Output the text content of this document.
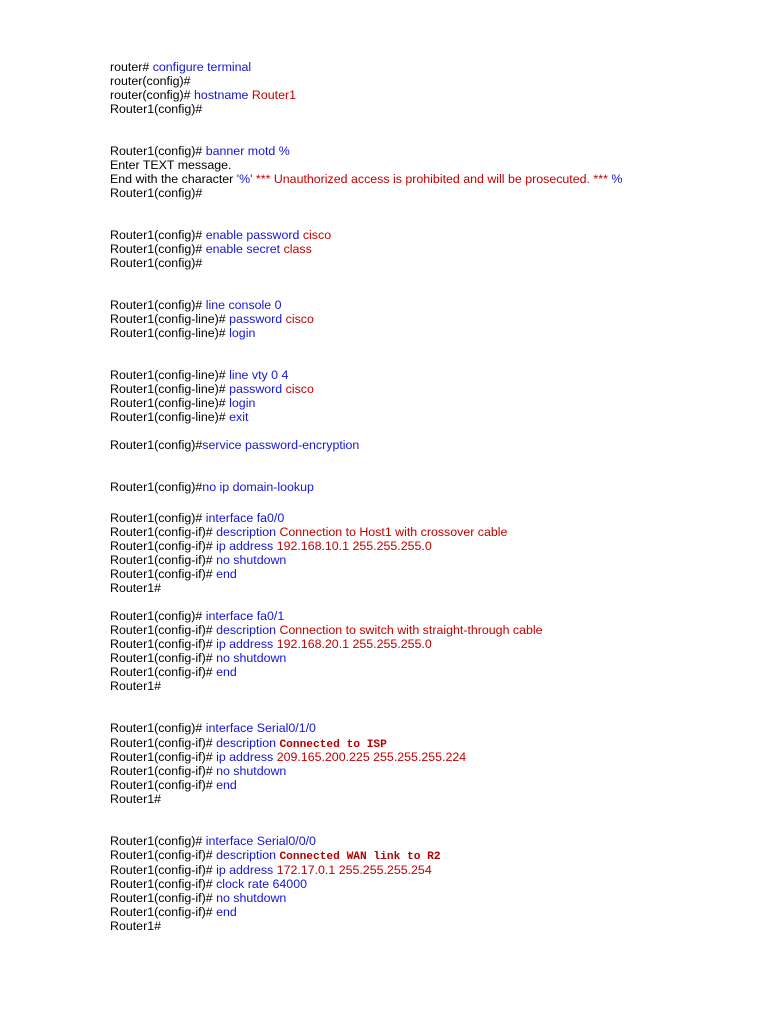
router# configure terminal
router(config)#
router(config)# hostname Router1
Router1(config)#
Router1(config)# banner motd %
Enter TEXT message.
End with the character '%' *** Unauthorized access is prohibited and will be prosecuted. *** %
Router1(config)#
Router1(config)# enable password cisco
Router1(config)# enable secret class
Router1(config)#
Router1(config)# line console 0
Router1(config-line)# password cisco
Router1(config-line)# login
Router1(config-line)# line vty 0 4
Router1(config-line)# password cisco
Router1(config-line)# login
Router1(config-line)# exit
Router1(config)#service password-encryption
Router1(config)#no ip domain-lookup
Router1(config)# interface fa0/0
Router1(config-if)# description Connection to Host1 with crossover cable
Router1(config-if)# ip address 192.168.10.1 255.255.255.0
Router1(config-if)# no shutdown
Router1(config-if)# end
Router1#
Router1(config)# interface fa0/1
Router1(config-if)# description Connection to switch with straight-through cable
Router1(config-if)# ip address 192.168.20.1 255.255.255.0
Router1(config-if)# no shutdown
Router1(config-if)# end
Router1#
Router1(config)# interface Serial0/1/0
Router1(config-if)# description Connected to ISP
Router1(config-if)# ip address 209.165.200.225 255.255.255.224
Router1(config-if)# no shutdown
Router1(config-if)# end
Router1#
Router1(config)# interface Serial0/0/0
Router1(config-if)# description Connected WAN link to R2
Router1(config-if)# ip address 172.17.0.1 255.255.255.254
Router1(config-if)# clock rate 64000
Router1(config-if)# no shutdown
Router1(config-if)# end
Router1#
